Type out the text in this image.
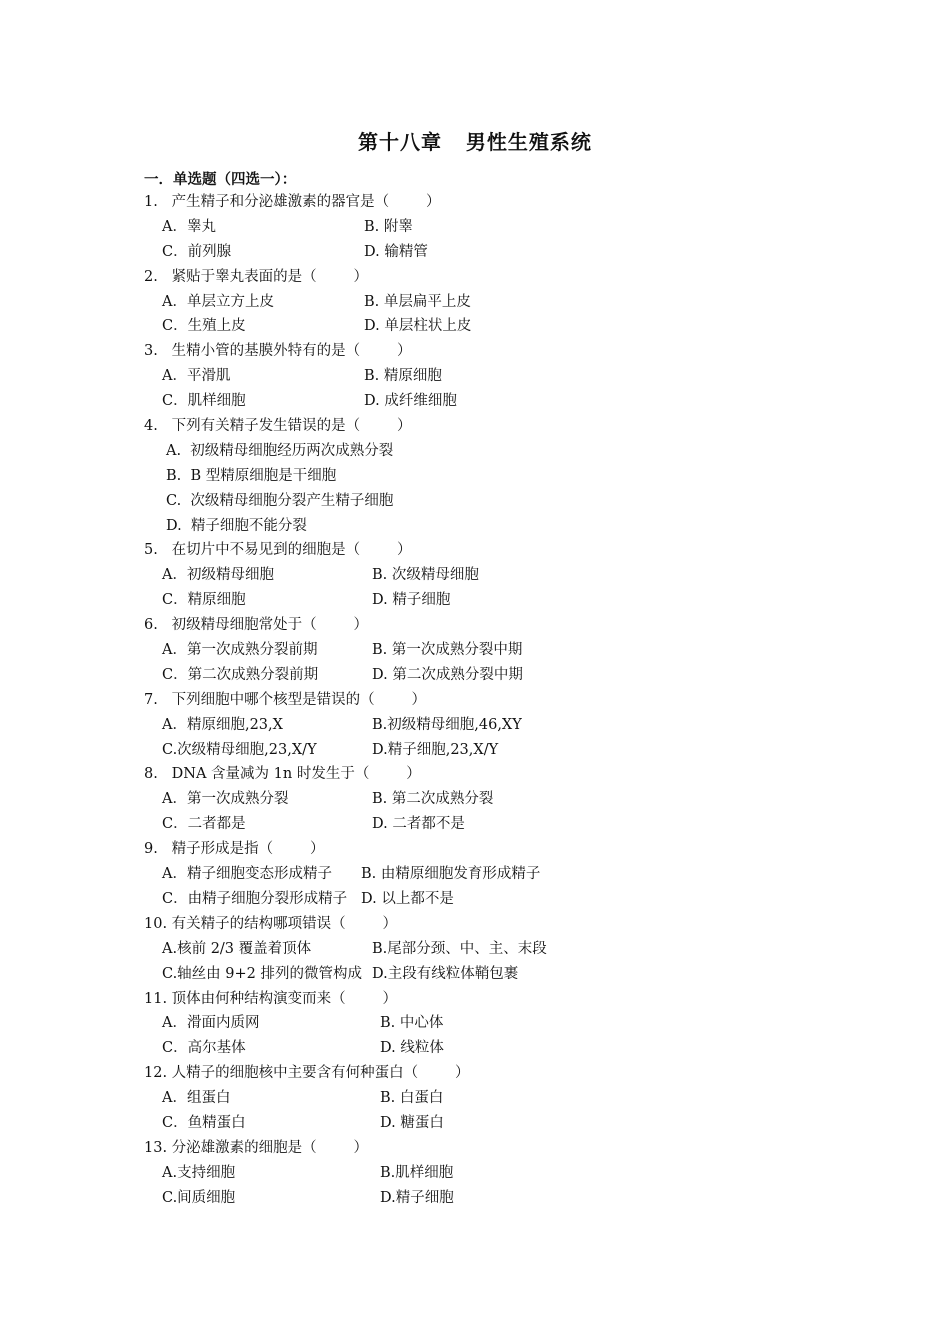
第十八章   男性生殖系统
一．单选题（四选一）：
1.   产生精子和分泌雄激素的器官是（        ）
A．睾丸	B. 附睾
C．前列腺	D. 输精管
2.   紧贴于睾丸表面的是（        ）
A．单层立方上皮	B. 单层扁平上皮
C．生殖上皮	D. 单层柱状上皮
3.   生精小管的基膜外特有的是（        ）
A．平滑肌	B. 精原细胞
C．肌样细胞	D. 成纤维细胞
4.   下列有关精子发生错误的是（        ）
A.  初级精母细胞经历两次成熟分裂
B.  B 型精原细胞是干细胞
C.  次级精母细胞分裂产生精子细胞
D.  精子细胞不能分裂
5.   在切片中不易见到的细胞是（        ）
A．初级精母细胞	B. 次级精母细胞
C．精原细胞	D. 精子细胞
6.   初级精母细胞常处于（        ）
A．第一次成熟分裂前期	B. 第一次成熟分裂中期
C．第二次成熟分裂前期	D. 第二次成熟分裂中期
7.   下列细胞中哪个核型是错误的（        ）
A．精原细胞,23,X	B.初级精母细胞,46,XY
C.次级精母细胞,23,X/Y	D.精子细胞,23,X/Y
8.   DNA 含量减为 1n 时发生于（        ）
A．第一次成熟分裂	B. 第二次成熟分裂
C．二者都是	D. 二者都不是
9.   精子形成是指（        ）
A．精子细胞变态形成精子 B. 由精原细胞发育形成精子
C．由精子细胞分裂形成精子 D. 以上都不是
10. 有关精子的结构哪项错误（        ）
A.核前 2/3 覆盖着顶体	B.尾部分颈、中、主、末段
C.轴丝由 9+2 排列的微管构成 D.主段有线粒体鞘包裹
11. 顶体由何种结构演变而来（        ）
A．滑面内质网	B. 中心体
C．高尔基体	D. 线粒体
12. 人精子的细胞核中主要含有何种蛋白（        ）
A．组蛋白	B. 白蛋白
C．鱼精蛋白	D. 糖蛋白
13. 分泌雄激素的细胞是（        ）
A.支持细胞	B.肌样细胞
C.间质细胞	D.精子细胞
